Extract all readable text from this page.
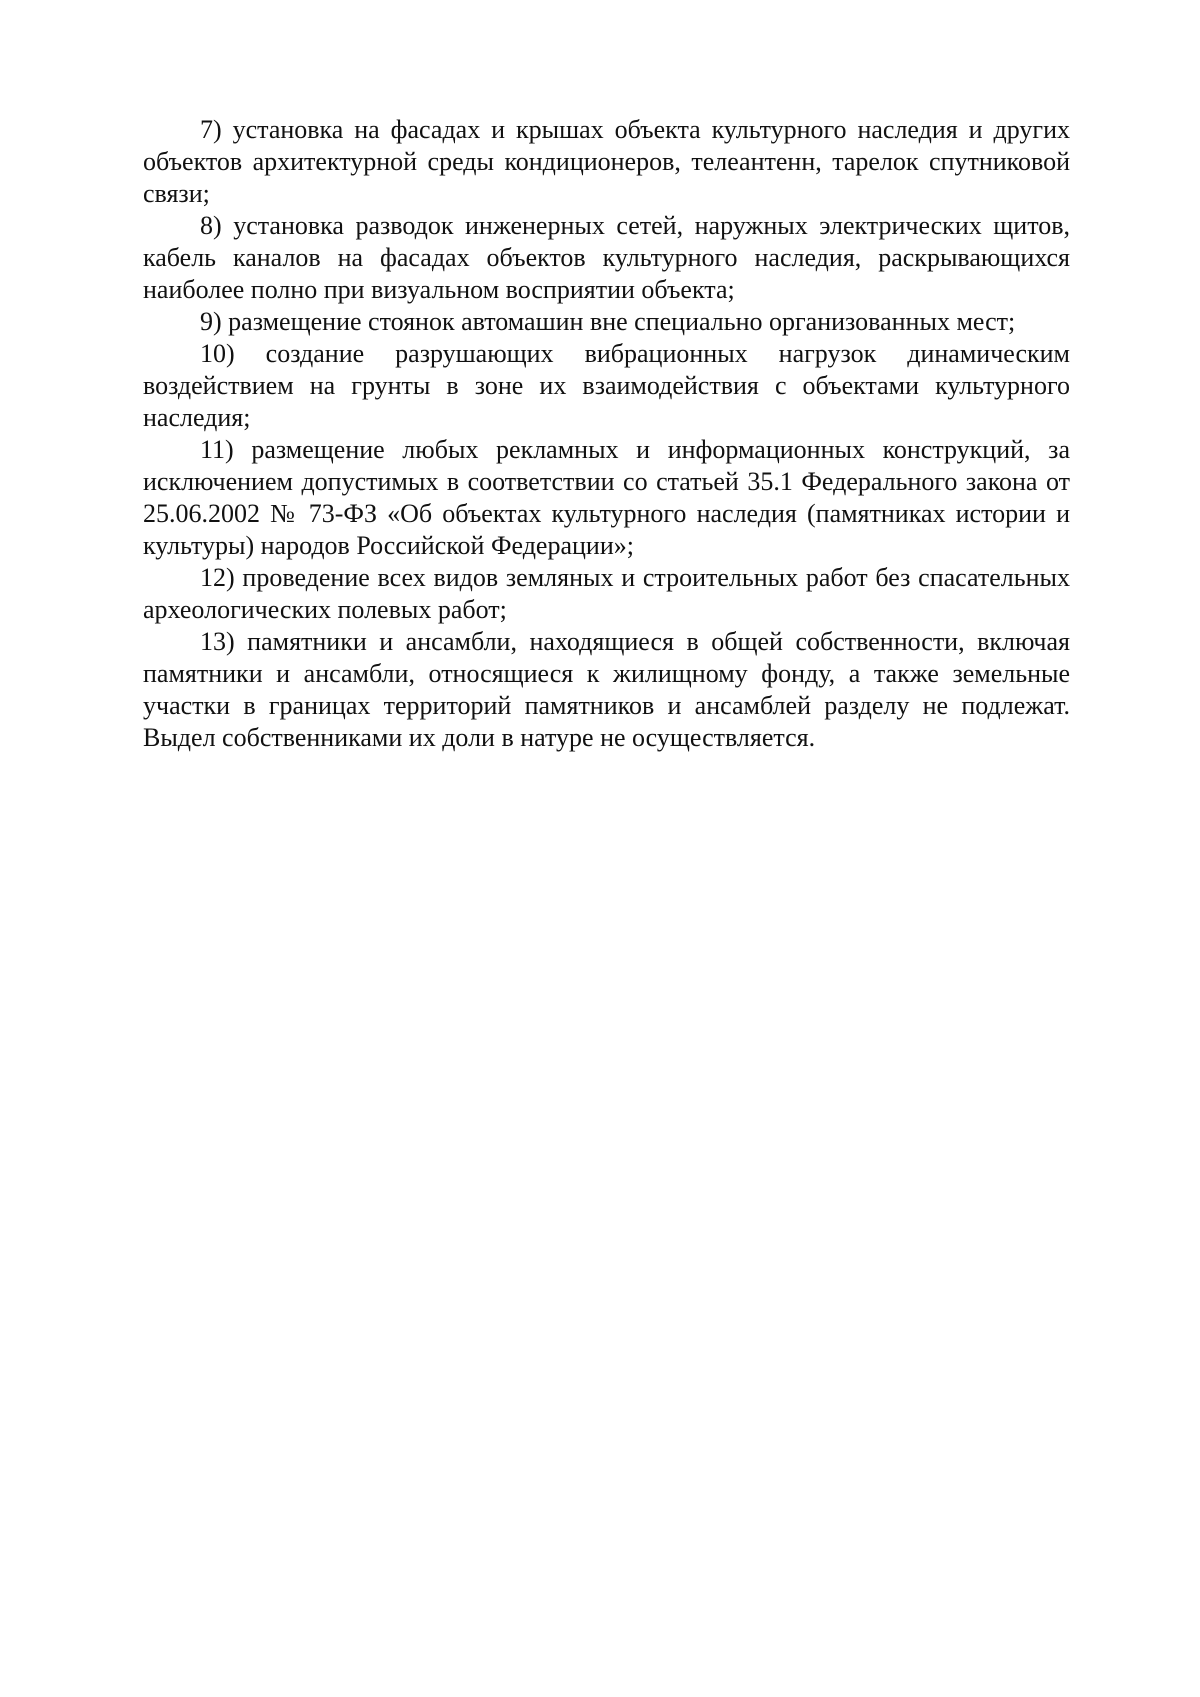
7) установка на фасадах и крышах объекта культурного наследия и других объектов архитектурной среды кондиционеров, телеантенн, тарелок спутниковой связи;

8) установка разводок инженерных сетей, наружных электрических щитов, кабель каналов на фасадах объектов культурного наследия, раскрывающихся наиболее полно при визуальном восприятии объекта;

9) размещение стоянок автомашин вне специально организованных мест;

10) создание разрушающих вибрационных нагрузок динамическим воздействием на грунты в зоне их взаимодействия с объектами культурного наследия;

11) размещение любых рекламных и информационных конструкций, за исключением допустимых в соответствии со статьей 35.1 Федерального закона от 25.06.2002 № 73-ФЗ «Об объектах культурного наследия (памятниках истории и культуры) народов Российской Федерации»;

12) проведение всех видов земляных и строительных работ без спасательных археологических полевых работ;

13) памятники и ансамбли, находящиеся в общей собственности, включая памятники и ансамбли, относящиеся к жилищному фонду, а также земельные участки в границах территорий памятников и ансамблей разделу не подлежат. Выдел собственниками их доли в натуре не осуществляется.
